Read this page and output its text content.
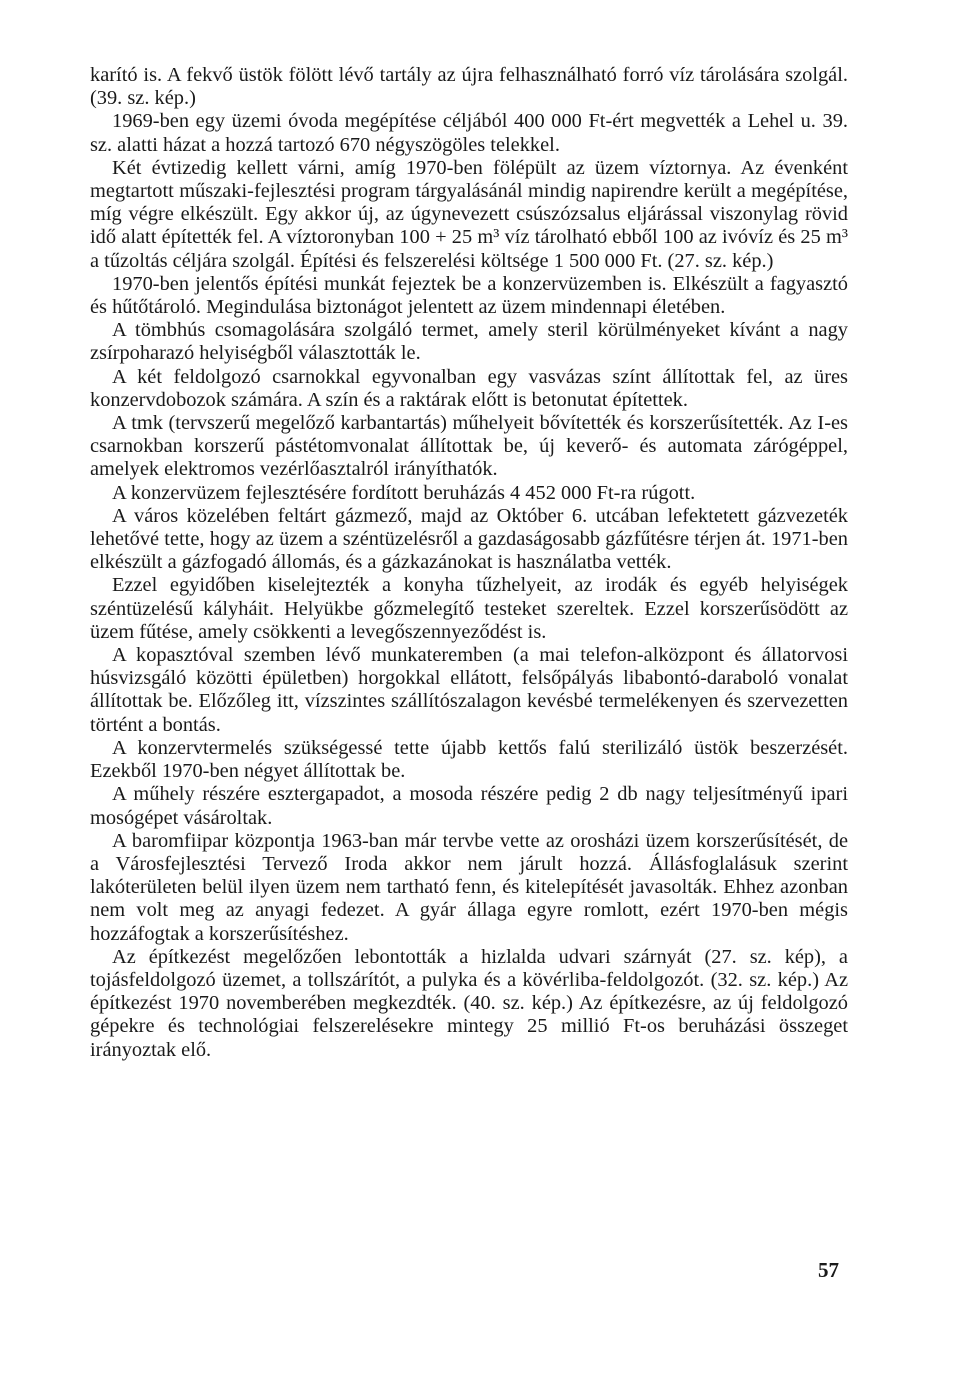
karító is. A fekvő üstök fölött lévő tartály az újra felhasználható forró víz tárolására szolgál. (39. sz. kép.)

1969-ben egy üzemi óvoda megépítése céljából 400 000 Ft-ért megvették a Lehel u. 39. sz. alatti házat a hozzá tartozó 670 négyszögöles telekkel.

Két évtizedig kellett várni, amíg 1970-ben fölépült az üzem víztornya. Az évenként megtartott műszaki-fejlesztési program tárgyalásánál mindig napirendre került a megépítése, míg végre elkészült. Egy akkor új, az úgynevezett csúszózsalus eljárással viszonylag rövid idő alatt építették fel. A víztoronyban 100 + 25 m³ víz tárolható ebből 100 az ivóvíz és 25 m³ a tűzoltás céljára szolgál. Építési és felszerelési költsége 1 500 000 Ft. (27. sz. kép.)

1970-ben jelentős építési munkát fejeztek be a konzervüzemben is. Elkészült a fagyasztó és hűtőtároló. Megindulása biztonágot jelentett az üzem mindennapi életében.

A tömbhús csomagolására szolgáló termet, amely steril körülményeket kívánt a nagy zsírpoharazó helyiségből választották le.

A két feldolgozó csarnokkal egyvonalban egy vasvázas színt állítottak fel, az üres konzervdobozok számára. A szín és a raktárak előtt is betonutat építettek.

A tmk (tervszerű megelőző karbantartás) műhelyeit bővítették és korszerűsítették. Az I-es csarnokban korszerű pástétomvonalat állítottak be, új keverő- és automata zárógéppel, amelyek elektromos vezérlőasztalról irányíthatók.

A konzervüzem fejlesztésére fordított beruházás 4 452 000 Ft-ra rúgott.

A város közelében feltárt gázmező, majd az Október 6. utcában lefektetett gázvezeték lehetővé tette, hogy az üzem a széntüzelésről a gazdaságosabb gázfűtésre térjen át. 1971-ben elkészült a gázfogadó állomás, és a gázkazánokat is használatba vették.

Ezzel egyidőben kiselejtezték a konyha tűzhelyeit, az irodák és egyéb helyiségek széntüzelésű kályháit. Helyükbe gőzmelegítő testeket szereltek. Ezzel korszerűsödött az üzem fűtése, amely csökkenti a levegőszennyeződést is.

A kopasztóval szemben lévő munkateremben (a mai telefon-alközpont és állatorvosi húsvizsgáló közötti épületben) horgokkal ellátott, felsőpályás libabontó-daraboló vonalat állítottak be. Előzőleg itt, vízszintes szállítószalagon kevésbé termelékenyen és szervezetten történt a bontás.

A konzervtermelés szükségessé tette újabb kettős falú sterilizáló üstök beszerzését. Ezekből 1970-ben négyet állítottak be.

A műhely részére esztergapadot, a mosoda részére pedig 2 db nagy teljesítményű ipari mosógépet vásároltak.

A baromfiipar központja 1963-ban már tervbe vette az orosházi üzem korszerűsítését, de a Városfejlesztési Tervező Iroda akkor nem járult hozzá. Állásfoglalásuk szerint lakóterületen belül ilyen üzem nem tartható fenn, és kitelepítését javasolták. Ehhez azonban nem volt meg az anyagi fedezet. A gyár állaga egyre romlott, ezért 1970-ben mégis hozzáfogtak a korszerűsítéshez.

Az építkezést megelőzően lebontották a hizlalda udvari szárnyát (27. sz. kép), a tojásfeldolgozó üzemet, a tollszárítót, a pulyka és a kövérliba-feldolgozót. (32. sz. kép.) Az építkezést 1970 novemberében megkezdték. (40. sz. kép.) Az építkezésre, az új feldolgozó gépekre és technológiai felszerelésekre mintegy 25 millió Ft-os beruházási összeget irányoztak elő.

57
